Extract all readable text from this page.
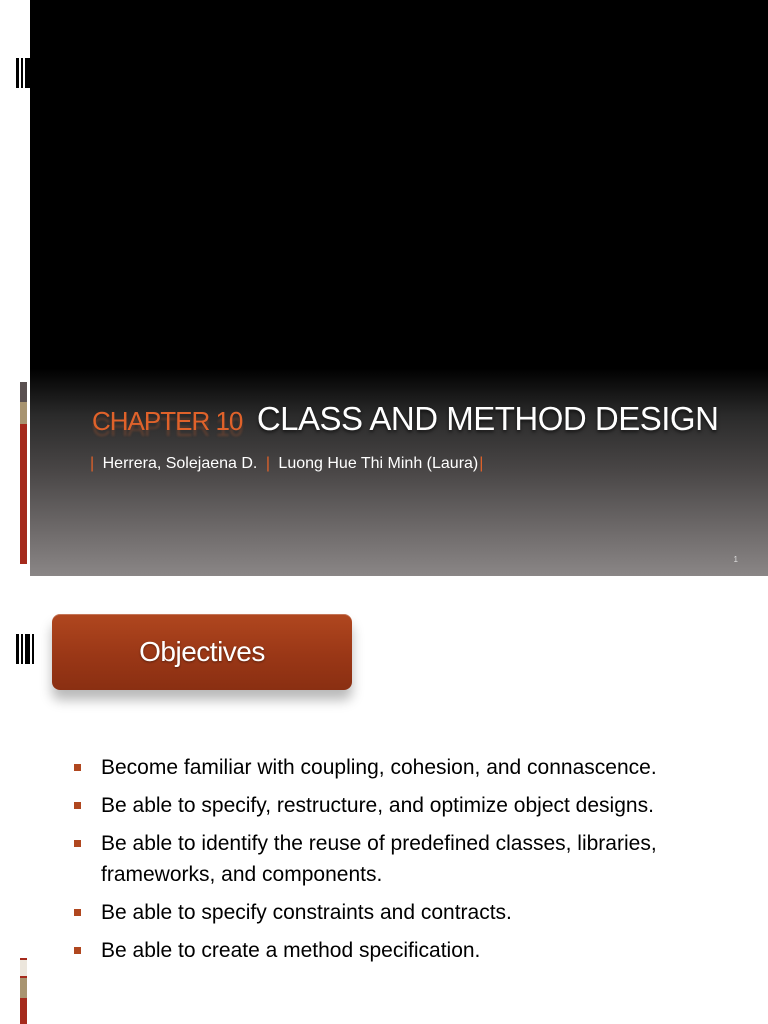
CHAPTER 10 CLASS AND METHOD DESIGN
| Herrera, Solejaena D. | Luong Hue Thi Minh (Laura)|
1
Objectives
Become familiar with coupling, cohesion, and connascence.
Be able to specify, restructure, and optimize object designs.
Be able to identify the reuse of predefined classes, libraries, frameworks, and components.
Be able to specify constraints and contracts.
Be able to create a method specification.
